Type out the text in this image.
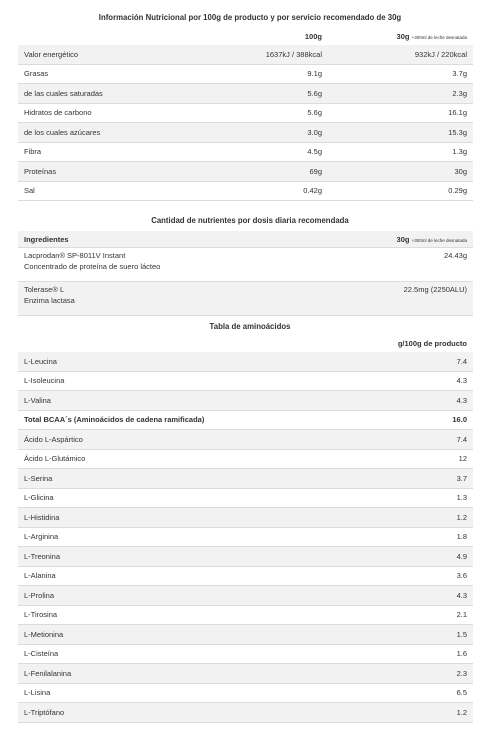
Información Nutricional por 100g de producto y por servicio recomendado de 30g
	100g	30g +300ml de leche desnatada
Valor energético	1637kJ / 388kcal	932kJ / 220kcal
Grasas	9.1g	3.7g
de las cuales saturadas	5.6g	2.3g
Hidratos de carbono	5.6g	16.1g
de los cuales azúcares	3.0g	15.3g
Fibra	4.5g	1.3g
Proteínas	69g	30g
Sal	0.42g	0.29g
Cantidad de nutrientes por dosis diaria recomendada
Ingredientes	30g +300ml de leche desnatada

Lacprodan® SP-8011V Instant
Concentrado de proteína de suero lácteo	24.43g

Tolerase® L
Enzima lactasa	22.5mg (2250ALU)
Tabla de aminoácidos
	g/100g de producto
L-Leucina	7.4
L-Isoleucina	4.3
L-Valina	4.3
Total BCAA´s (Aminoácidos de cadena ramificada)	16.0
Ácido L-Aspártico	7.4
Ácido L-Glutámico	12
L-Serina	3.7
L-Glicina	1.3
L-Histidina	1.2
L-Arginina	1.8
L-Treonina	4.9
L-Alanina	3.6
L-Prolina	4.3
L-Tirosina	2.1
L-Metionina	1.5
L-Cisteína	1.6
L-Fenilalanina	2.3
L-Lisina	6.5
L-Triptófano	1.2
